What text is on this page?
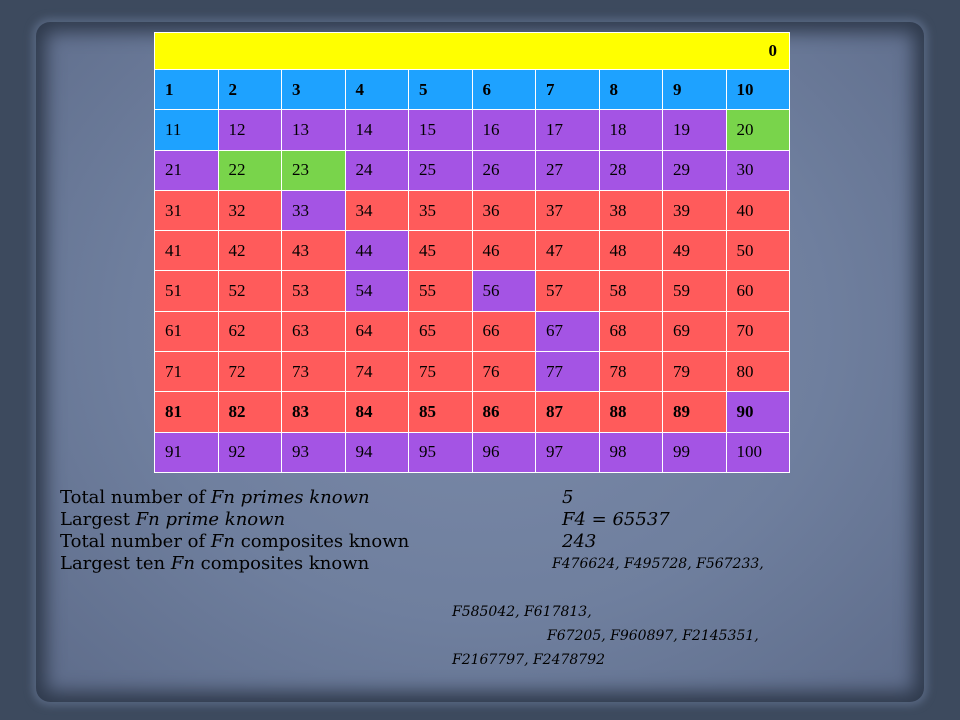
0									
1	2	3	4	5	6	7	8	9	10
11	12	13	14	15	16	17	18	19	20
21	22	23	24	25	26	27	28	29	30
31	32	33	34	35	36	37	38	39	40
41	42	43	44	45	46	47	48	49	50
51	52	53	54	55	56	57	58	59	60
61	62	63	64	65	66	67	68	69	70
71	72	73	74	75	76	77	78	79	80
81	82	83	84	85	86	87	88	89	90
91	92	93	94	95	96	97	98	99	100
Total number of Fn primes known	5
Largest Fn prime known	F4 = 65537
Total number of Fn composites known	243
Largest ten Fn composites known	F476624, F495728, F567233,
F585042, F617813,
F67205, F960897, F2145351,
F2167797, F2478792
